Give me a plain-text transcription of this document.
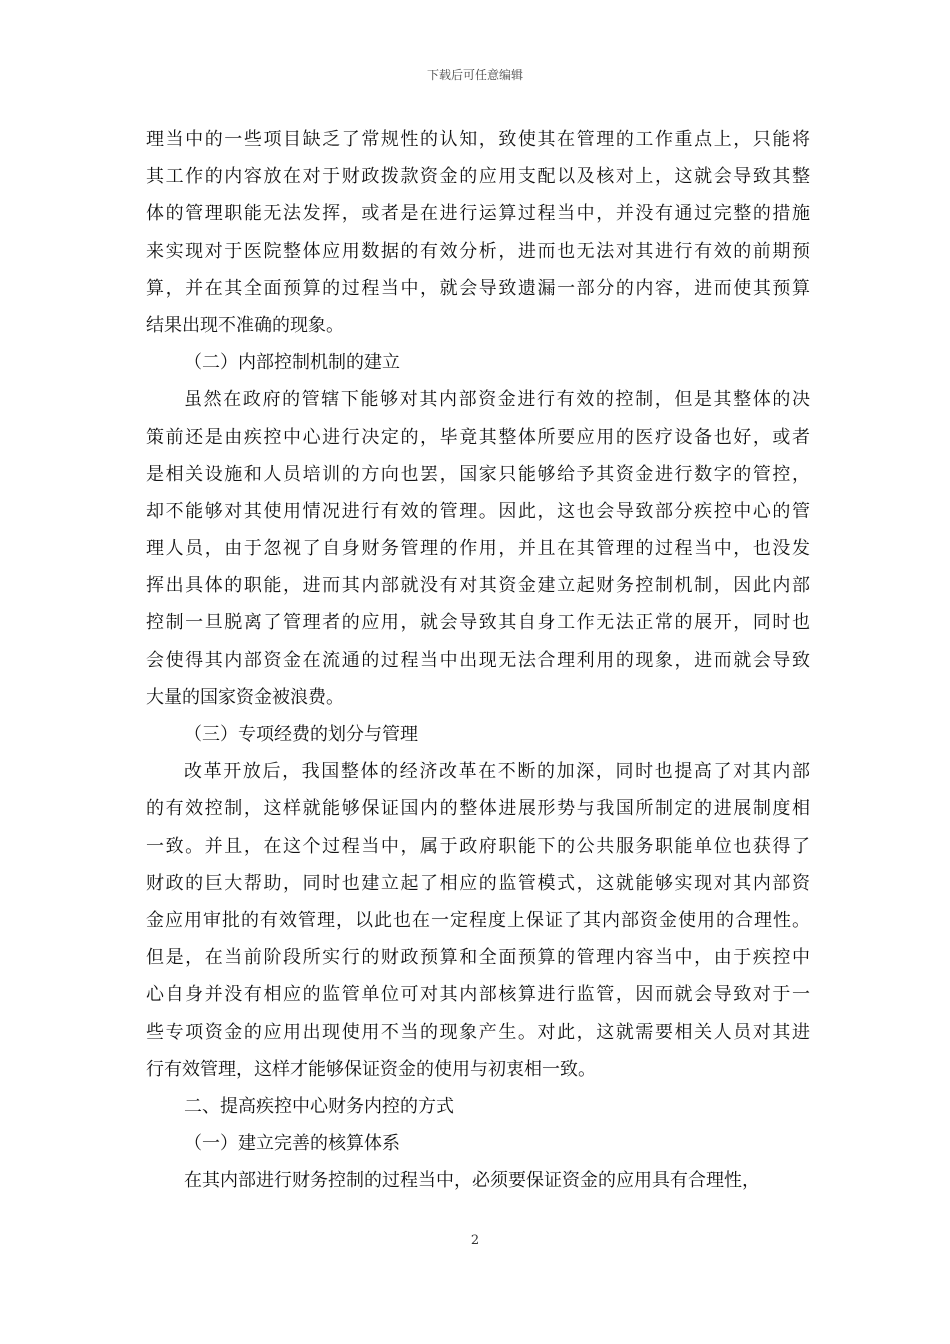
下载后可任意编辑
理当中的一些项目缺乏了常规性的认知，致使其在管理的工作重点上，只能将
其工作的内容放在对于财政拨款资金的应用支配以及核对上，这就会导致其整
体的管理职能无法发挥，或者是在进行运算过程当中，并没有通过完整的措施
来实现对于医院整体应用数据的有效分析，进而也无法对其进行有效的前期预
算，并在其全面预算的过程当中，就会导致遗漏一部分的内容，进而使其预算
结果出现不准确的现象。
（二）内部控制机制的建立
虽然在政府的管辖下能够对其内部资金进行有效的控制，但是其整体的决
策前还是由疾控中心进行决定的，毕竟其整体所要应用的医疗设备也好，或者
是相关设施和人员培训的方向也罢，国家只能够给予其资金进行数字的管控，
却不能够对其使用情况进行有效的管理。因此，这也会导致部分疾控中心的管
理人员，由于忽视了自身财务管理的作用，并且在其管理的过程当中，也没发
挥出具体的职能，进而其内部就没有对其资金建立起财务控制机制，因此内部
控制一旦脱离了管理者的应用，就会导致其自身工作无法正常的展开，同时也
会使得其内部资金在流通的过程当中出现无法合理利用的现象，进而就会导致
大量的国家资金被浪费。
（三）专项经费的划分与管理
改革开放后，我国整体的经济改革在不断的加深，同时也提高了对其内部
的有效控制，这样就能够保证国内的整体进展形势与我国所制定的进展制度相
一致。并且，在这个过程当中，属于政府职能下的公共服务职能单位也获得了
财政的巨大帮助，同时也建立起了相应的监管模式，这就能够实现对其内部资
金应用审批的有效管理，以此也在一定程度上保证了其内部资金使用的合理性。
但是，在当前阶段所实行的财政预算和全面预算的管理内容当中，由于疾控中
心自身并没有相应的监管单位可对其内部核算进行监管，因而就会导致对于一
些专项资金的应用出现使用不当的现象产生。对此，这就需要相关人员对其进
行有效管理，这样才能够保证资金的使用与初衷相一致。
二、提高疾控中心财务内控的方式
（一）建立完善的核算体系
在其内部进行财务控制的过程当中，必须要保证资金的应用具有合理性，
2
